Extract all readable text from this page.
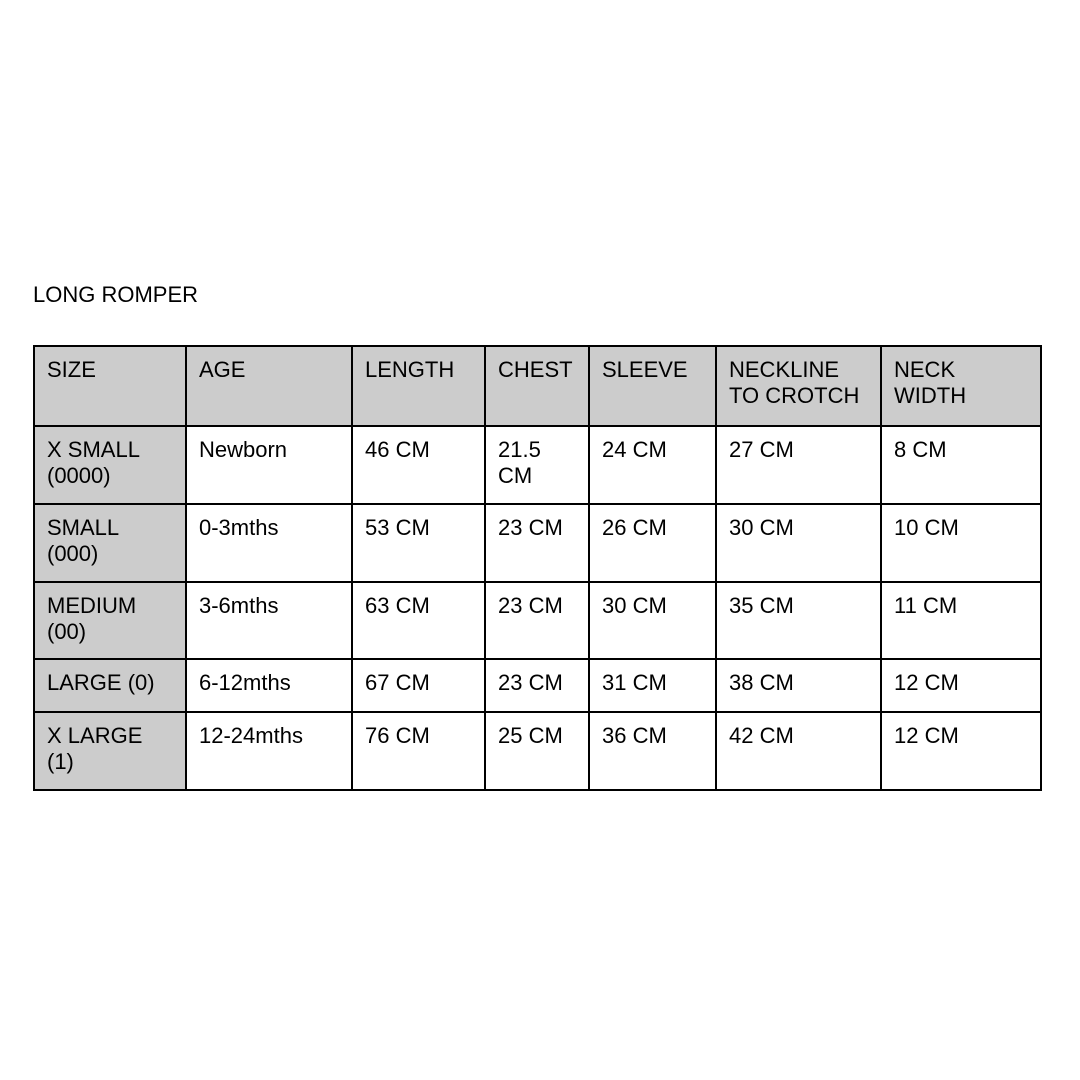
LONG ROMPER
SIZE	AGE	LENGTH	CHEST	SLEEVE	NECKLINE TO CROTCH	NECK WIDTH
X SMALL (0000)	Newborn	46 CM	21.5 CM	24 CM	27 CM	8 CM
SMALL (000)	0-3mths	53 CM	23 CM	26 CM	30 CM	10 CM
MEDIUM (00)	3-6mths	63 CM	23 CM	30 CM	35 CM	11 CM
LARGE (0)	6-12mths	67 CM	23 CM	31 CM	38 CM	12 CM
X LARGE (1)	12-24mths	76 CM	25 CM	36 CM	42 CM	12 CM
